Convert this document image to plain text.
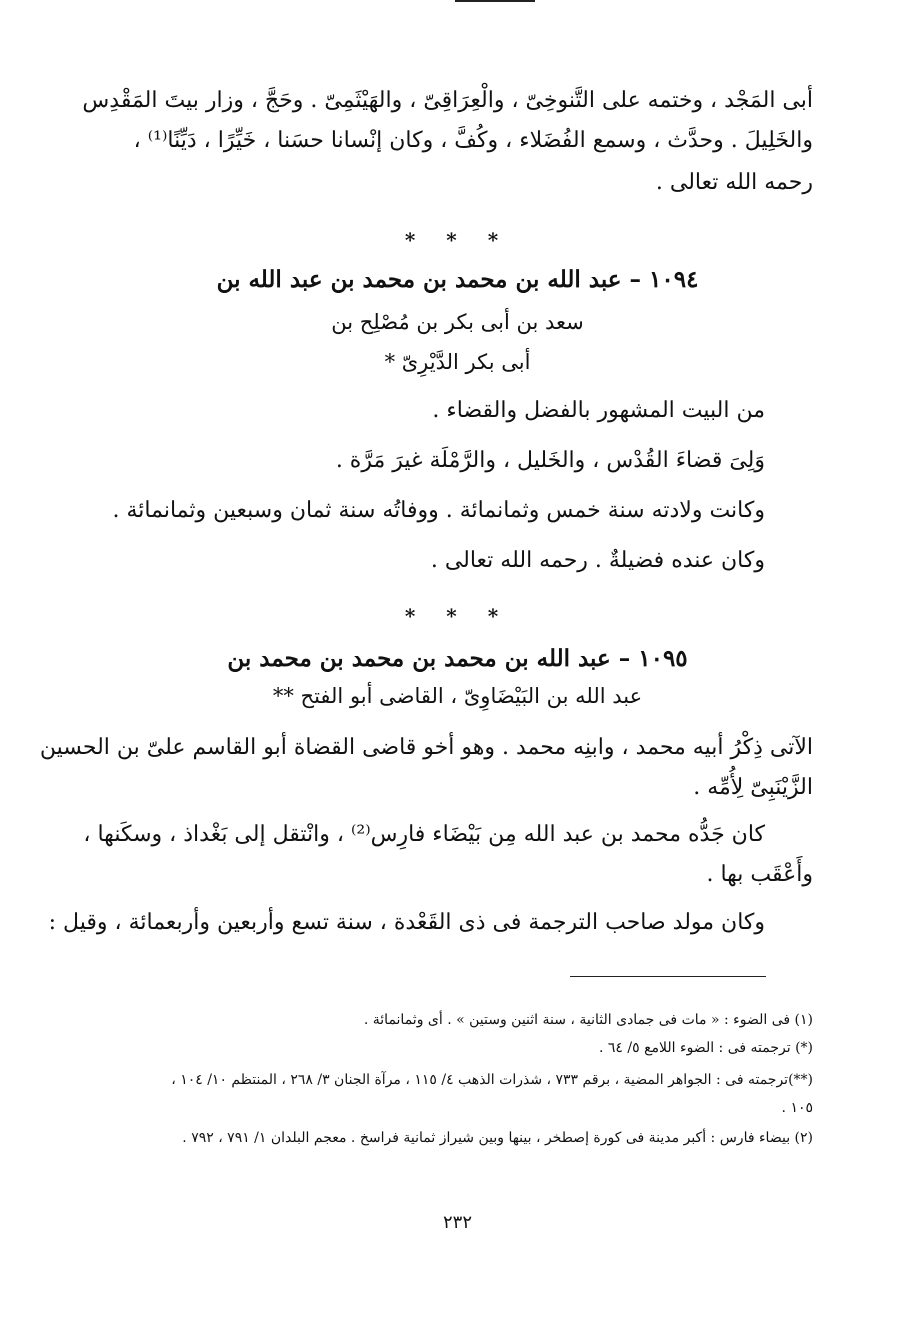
أبى المَجْد ، وختمه على التَّنوخِىّ ، والْعِرَاقِىّ ، والهَيْثَمِىّ . وحَجَّ ، وزار بيتَ المَقْدِس
والخَلِيلَ . وحدَّث ، وسمع الفُضَلاء ، وكُفَّ ، وكان إنْسانا حسَنا ، خَيِّرًا ، دَيِّنًا⁽¹⁾ ،
رحمه الله تعالى .
* * *
١٠٩٤ – عبد الله بن محمد بن محمد بن عبد الله بن
سعد بن أبى بكر بن مُصْلِح بن
أبى بكر الدَّيْرِىّ *
من البيت المشهور بالفضل والقضاء .
وَلِىَ قضاءَ القُدْس ، والخَليل ، والرَّمْلَة غيرَ مَرَّة .
وكانت ولادته سنة خمس وثمانمائة . ووفاتُه سنة ثمان وسبعين وثمانمائة .
وكان عنده فضيلةٌ . رحمه الله تعالى .
* * *
١٠٩٥ – عبد الله بن محمد بن محمد بن محمد بن
عبد الله بن البَيْضَاوِىّ ، القاضى أبو الفتح **
الآتى ذِكْرُ أبيه محمد ، وابنِه محمد . وهو أخو قاضى القضاة أبو القاسم علىّ بن الحسين
الزَّيْنَبِىّ لِأُمِّه .
كان جَدُّه محمد بن عبد الله مِن بَيْضَاء فارِس⁽²⁾ ، وانْتقل إلى بَغْداذ ، وسكَنها ،
وأَعْقَب بها .
وكان مولد صاحب الترجمة فى ذى القَعْدة ، سنة تسع وأربعين وأربعمائة ، وقيل :
(١) فى الضوء : « مات فى جمادى الثانية ، سنة اثنين وستين » . أى وثمانمائة .
(*) ترجمته فى : الضوء اللامع ٥/ ٦٤ .
(**)ترجمته فى : الجواهر المضية ، برقم ٧٣٣ ، شذرات الذهب ٤/ ١١٥ ، مرآة الجنان ٣/ ٢٦٨ ، المنتظم ١٠/ ١٠٤ ،
١٠٥ .
(٢) بيضاء فارس : أكبر مدينة فى كورة إصطخر ، بينها وبين شيراز ثمانية فراسخ . معجم البلدان ١/ ٧٩١ ، ٧٩٢ .
٢٣٢
